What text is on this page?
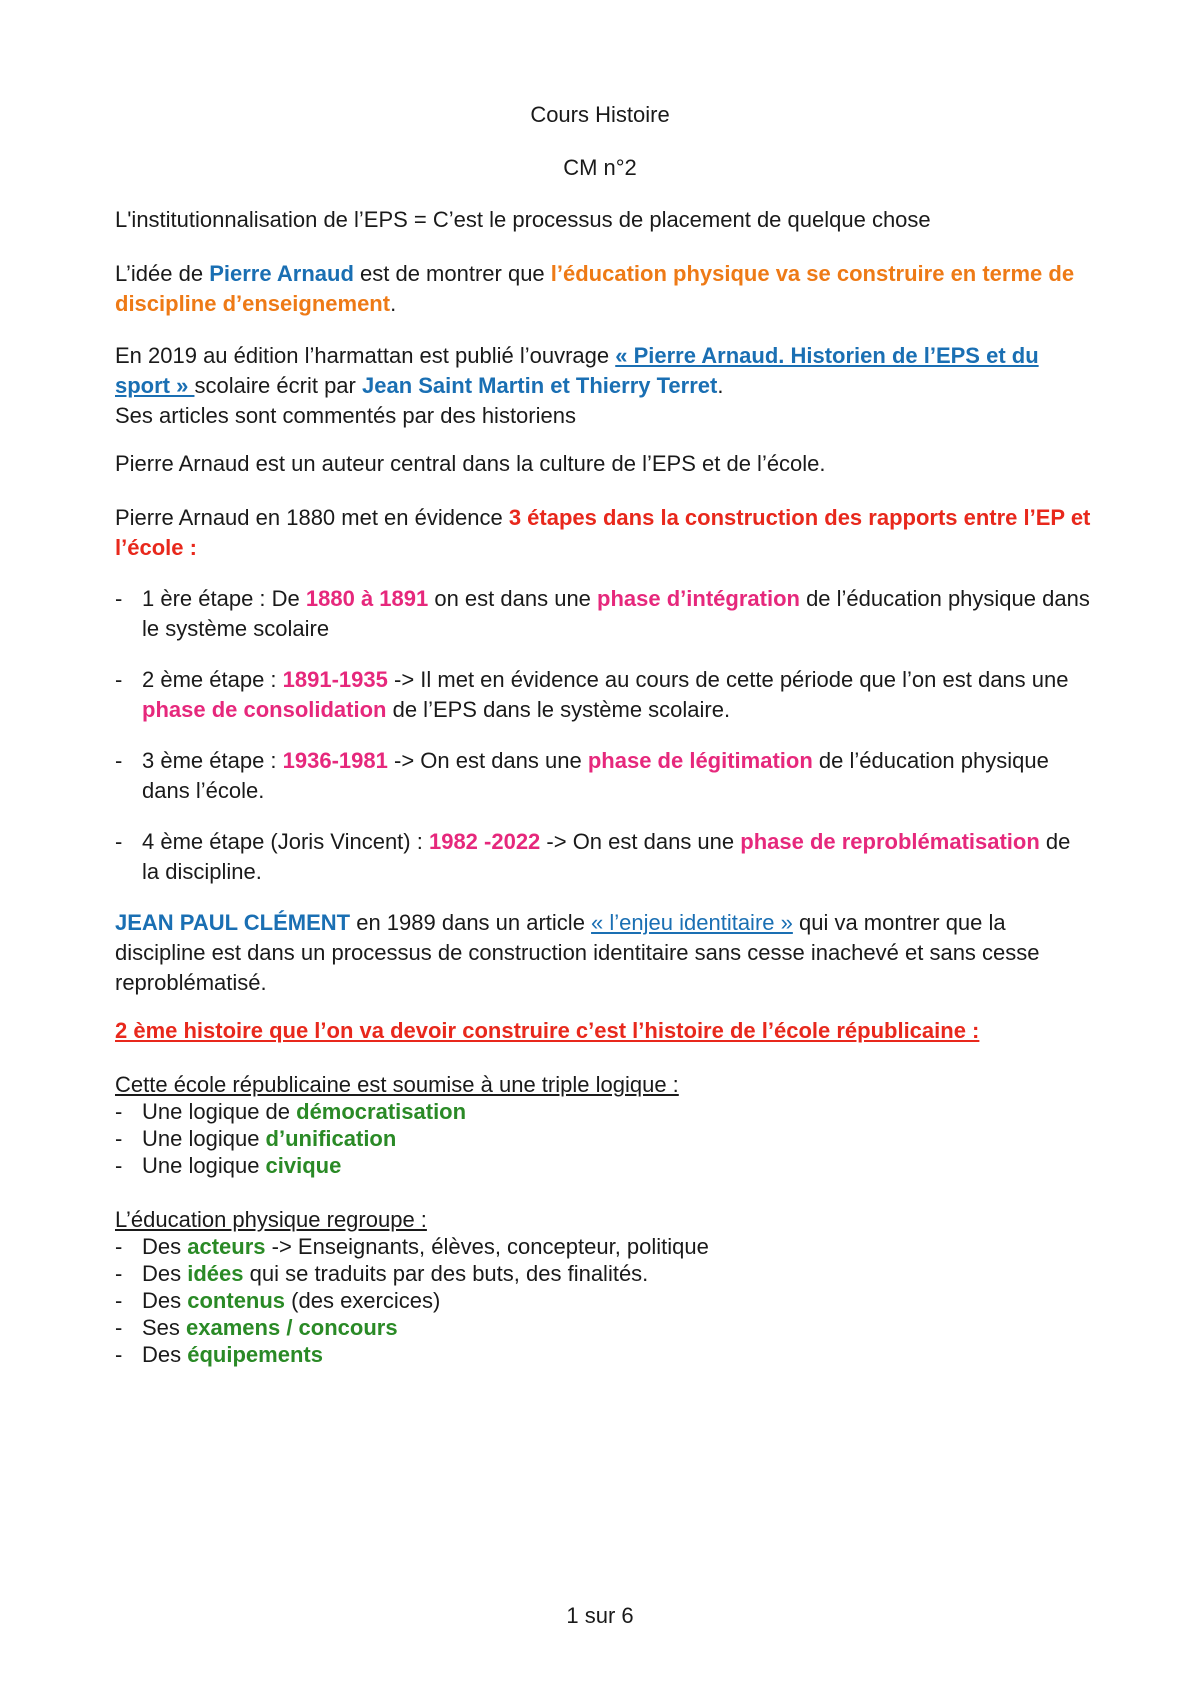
Cours Histoire
CM n°2
L'institutionnalisation de l’EPS = C’est le processus de placement de quelque chose
L’idée de Pierre Arnaud est de montrer que l’éducation physique va se construire en terme de discipline d’enseignement.
En 2019 au édition l’harmattan est publié l’ouvrage « Pierre Arnaud. Historien de l’EPS et du sport » scolaire écrit par Jean Saint Martin et Thierry Terret.
Ses articles sont commentés par des historiens
Pierre Arnaud est un auteur central dans la culture de l’EPS et de l’école.
Pierre Arnaud en 1880 met en évidence 3 étapes dans la construction des rapports entre l’EP et l’école :
- 1 ère étape : De 1880 à 1891 on est dans une phase d’intégration de l’éducation physique dans le système scolaire
- 2 ème étape : 1891-1935 -> Il met en évidence au cours de cette période que l’on est dans une phase de consolidation de l’EPS dans le système scolaire.
- 3 ème étape : 1936-1981 -> On est dans une phase de légitimation de l’éducation physique dans l’école.
- 4 ème étape (Joris Vincent) : 1982 -2022 -> On est dans une phase de reproblématisation de la discipline.
JEAN PAUL CLÉMENT en 1989 dans un article « l’enjeu identitaire » qui va montrer que la discipline est dans un processus de construction identitaire sans cesse inachevé et sans cesse reproblématisé.
2 ème histoire que l’on va devoir construire c’est l’histoire de l’école républicaine :
Cette école républicaine est soumise à une triple logique :
- Une logique de démocratisation
- Une logique d’unification
- Une logique civique
L’éducation physique regroupe :
- Des acteurs -> Enseignants, élèves, concepteur, politique
- Des idées qui se traduits par des buts, des finalités.
- Des contenus (des exercices)
- Ses examens / concours
- Des équipements
1 sur 6
